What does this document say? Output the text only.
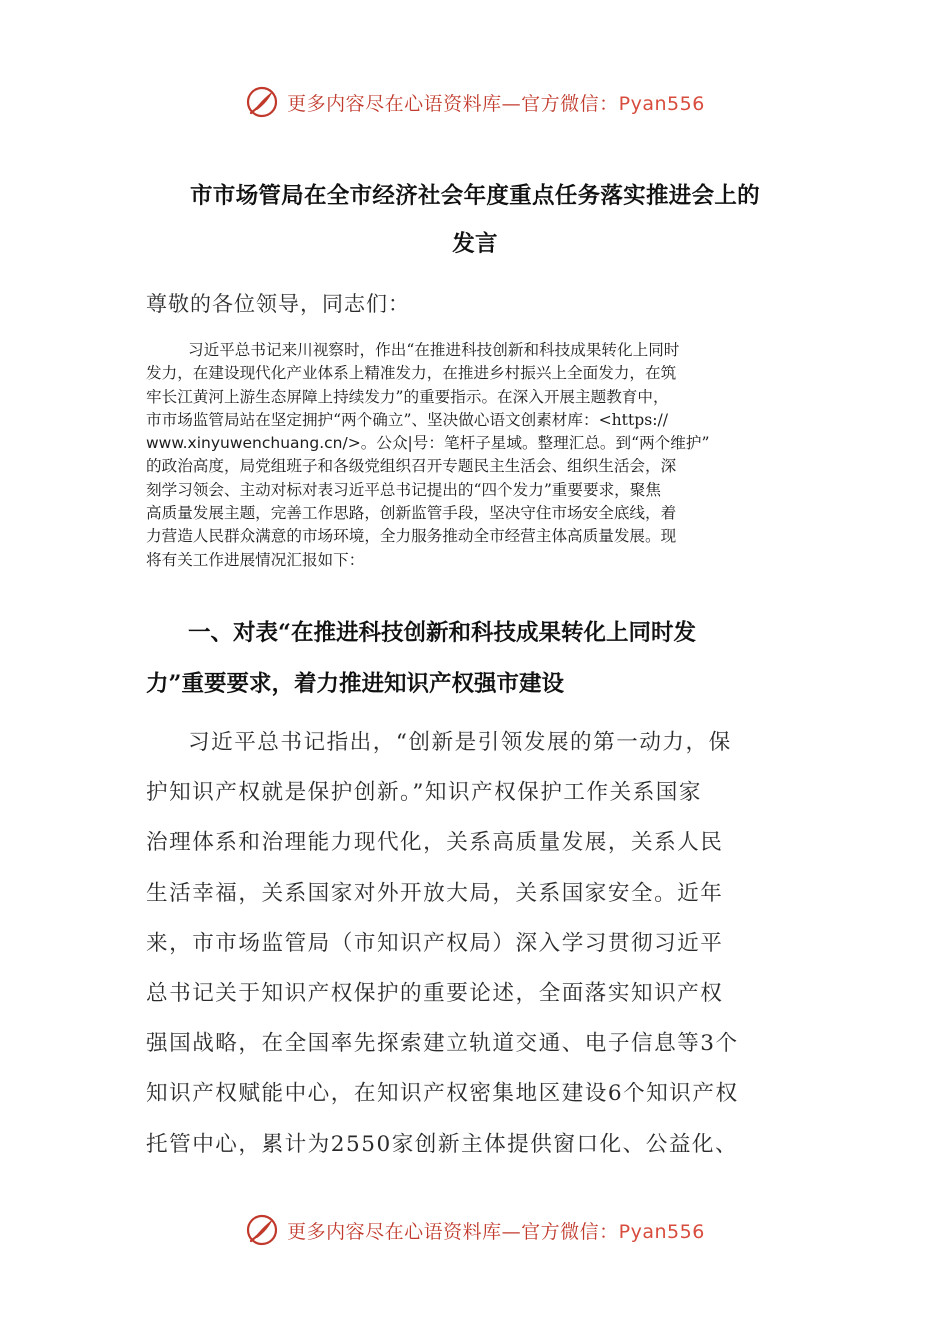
更多内容尽在心语资料库—官方微信：Pyan556
市市场管局在全市经济社会年度重点任务落实推进会上的
发言
尊敬的各位领导，同志们：
习近平总书记来川视察时，作出“在推进科技创新和科技成果转化上同时
发力，在建设现代化产业体系上精准发力，在推进乡村振兴上全面发力，在筑
牢长江黄河上游生态屏障上持续发力”的重要指示。在深入开展主题教育中，
市市场监管局站在坚定拥护“两个确立”、坚决做心语文创素材库：<https://
www.xinyuwenchuang.cn/>。公众|号：笔杆子星域。整理汇总。到“两个维护”
的政治高度，局党组班子和各级党组织召开专题民主生活会、组织生活会，深
刻学习领会、主动对标对表习近平总书记提出的“四个发力”重要要求，聚焦
高质量发展主题，完善工作思路，创新监管手段，坚决守住市场安全底线，着
力营造人民群众满意的市场环境，全力服务推动全市经营主体高质量发展。现
将有关工作进展情况汇报如下：
一、对表“在推进科技创新和科技成果转化上同时发
力”重要要求，着力推进知识产权强市建设
习近平总书记指出，“创新是引领发展的第一动力，保
护知识产权就是保护创新。”知识产权保护工作关系国家
治理体系和治理能力现代化，关系高质量发展，关系人民
生活幸福，关系国家对外开放大局，关系国家安全。近年
来，市市场监管局（市知识产权局）深入学习贯彻习近平
总书记关于知识产权保护的重要论述，全面落实知识产权
强国战略，在全国率先探索建立轨道交通、电子信息等3个
知识产权赋能中心，在知识产权密集地区建设6个知识产权
托管中心，累计为2550家创新主体提供窗口化、公益化、
更多内容尽在心语资料库—官方微信：Pyan556
